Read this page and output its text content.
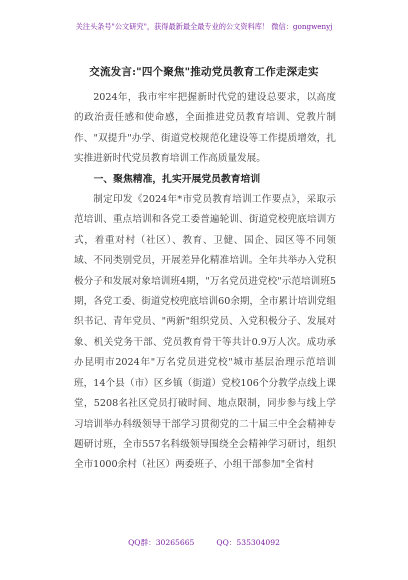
关注头条号"公文研究"，获得最新最全最专业的公文资料库！ 微信：gongwenyj
交流发言:"四个聚焦"推动党员教育工作走深走实

2024年，我市牢牢把握新时代党的建设总要求，以高度的政治责任感和使命感，全面推进党员教育培训、党教片制作、"双提升"办学、街道党校规范化建设等工作提质增效，扎实推进新时代党员教育培训工作高质量发展。

一、聚焦精准，扎实开展党员教育培训

制定印发《2024年*市党员教育培训工作要点》，采取示范培训、重点培训和各党工委普遍轮训、街道党校兜底培训方式，着重对村（社区）、教育、卫健、国企、园区等不同领域、不同类别党员，开展差异化精准培训。全年共举办入党积极分子和发展对象培训班4期，"万名党员进党校"示范培训班5期，各党工委、街道党校兜底培训60余期，全市累计培训党组织书记、青年党员、"两新"组织党员、入党积极分子、发展对象、机关党务干部、党员教育骨干等共计0.9万人次。成功承办昆明市2024年"万名党员进党校"城市基层治理示范培训班，14个县（市）区乡镇（街道）党校106个分教学点线上课堂，5208名社区党员打破时间、地点限制，同步参与线上学习培训举办科级领导干部学习贯彻党的二十届三中全会精神专题研讨班，全市557名科级领导围绕全会精神学习研讨，组织全市1000余村（社区）两委班子、小组干部参加"全省村

QQ群：30265665	QQ：535304092
